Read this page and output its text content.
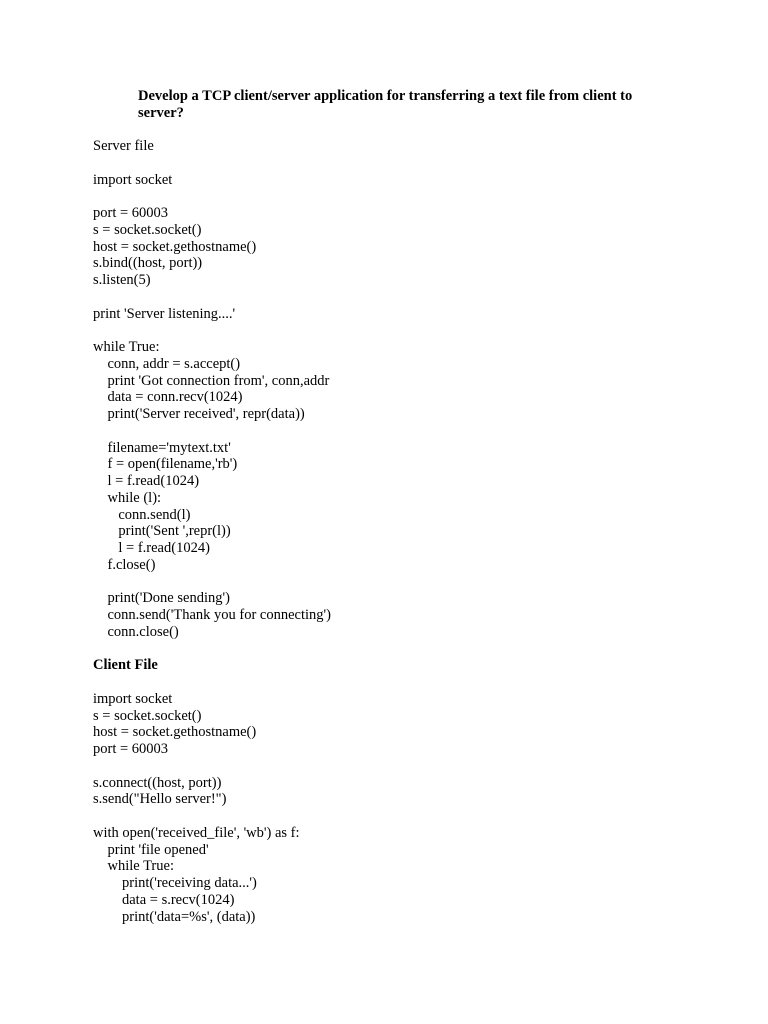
Develop a TCP client/server application for transferring a text file from client to
server?
Server file
import socket
port = 60003
s = socket.socket()
host = socket.gethostname()
s.bind((host, port))
s.listen(5)
print 'Server listening....'
while True:
conn, addr = s.accept()
print 'Got connection from', conn,addr
data = conn.recv(1024)
print('Server received', repr(data))
filename='mytext.txt'
f = open(filename,'rb')
l = f.read(1024)
while (l):
conn.send(l)
print('Sent ',repr(l))
l = f.read(1024)
f.close()
print('Done sending')
conn.send('Thank you for connecting')
conn.close()
Client File
import socket
s = socket.socket()
host = socket.gethostname()
port = 60003
s.connect((host, port))
s.send("Hello server!")
with open('received_file', 'wb') as f:
print 'file opened'
while True:
print('receiving data...')
data = s.recv(1024)
print('data=%s', (data))
